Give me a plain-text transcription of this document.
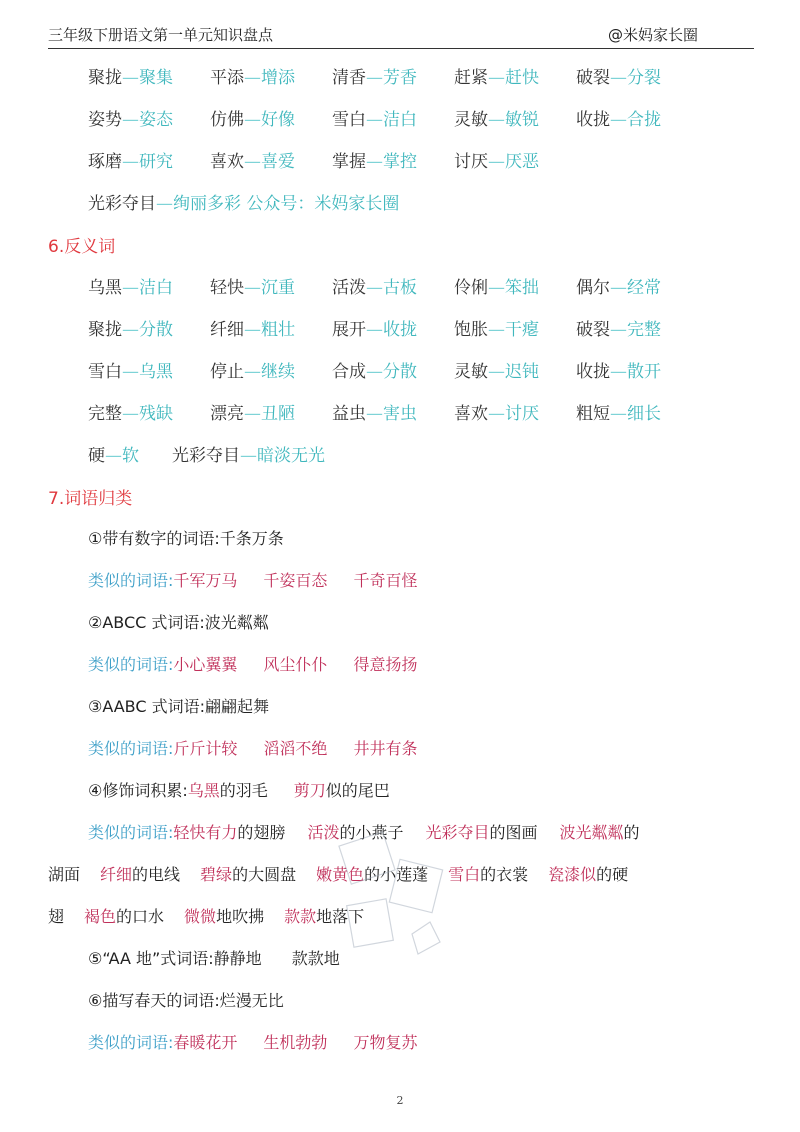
三年级下册语文第一单元知识盘点	@米妈家长圈
聚拢—聚集 平添—增添 清香—芳香 赶紧—赶快 破裂—分裂
姿势—姿态 仿佛—好像 雪白—洁白 灵敏—敏锐 收拢—合拢
琢磨—研究 喜欢—喜爱 掌握—掌控 讨厌—厌恶
光彩夺目—绚丽多彩 公众号：米妈家长圈
6.反义词
乌黑—洁白 轻快—沉重 活泼—古板 伶俐—笨拙 偶尔—经常
聚拢—分散 纤细—粗壮 展开—收拢 饱胀—干瘪 破裂—完整
雪白—乌黑 停止—继续 合成—分散 灵敏—迟钝 收拢—散开
完整—残缺 漂亮—丑陋 益虫—害虫 喜欢—讨厌 粗短—细长
硬—软 光彩夺目—暗淡无光
7.词语归类
①带有数字的词语:千条万条
类似的词语:千军万马 千姿百态 千奇百怪
②ABCC 式词语:波光粼粼
类似的词语:小心翼翼 风尘仆仆 得意扬扬
③AABC 式词语:翩翩起舞
类似的词语:斤斤计较 滔滔不绝 井井有条
④修饰词积累:乌黑的羽毛 剪刀似的尾巴
类似的词语:轻快有力的翅膀 活泼的小燕子 光彩夺目的图画 波光粼粼的
湖面 纤细的电线 碧绿的大圆盘 嫩黄色的小莲蓬 雪白的衣裳 瓷漆似的硬
翅 褐色的口水 微微地吹拂 款款地落下
⑤“AA 地”式词语:静静地 款款地
⑥描写春天的词语:烂漫无比
类似的词语:春暖花开 生机勃勃 万物复苏
2
